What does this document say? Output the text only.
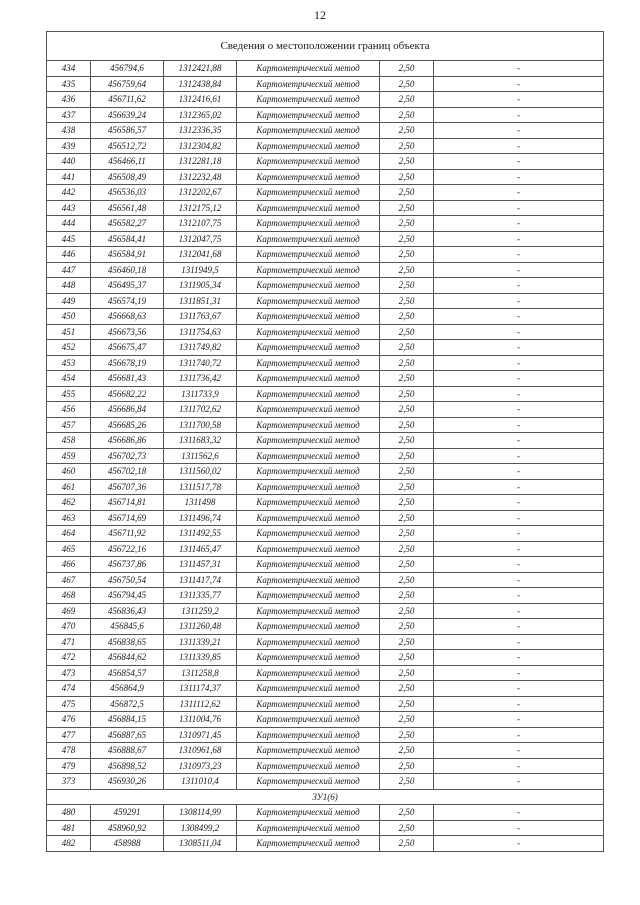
12
Сведения о местоположении границ объекта					
434	456794,6	1312421,88	Картометрический метод	2,50	-
435	456759,64	1312438,84	Картометрический метод	2,50	-
436	456711,62	1312416,61	Картометрический метод	2,50	-
437	456639,24	1312365,02	Картометрический метод	2,50	-
438	456586,57	1312336,35	Картометрический метод	2,50	-
439	456512,72	1312304,82	Картометрический метод	2,50	-
440	456466,11	1312281,18	Картометрический метод	2,50	-
441	456508,49	1312232,48	Картометрический метод	2,50	-
442	456536,03	1312202,67	Картометрический метод	2,50	-
443	456561,48	1312175,12	Картометрический метод	2,50	-
444	456582,27	1312107,75	Картометрический метод	2,50	-
445	456584,41	1312047,75	Картометрический метод	2,50	-
446	456584,91	1312041,68	Картометрический метод	2,50	-
447	456460,18	1311949,5	Картометрический метод	2,50	-
448	456495,37	1311905,34	Картометрический метод	2,50	-
449	456574,19	1311851,31	Картометрический метод	2,50	-
450	456668,63	1311763,67	Картометрический метод	2,50	-
451	456673,56	1311754,63	Картометрический метод	2,50	-
452	456675,47	1311749,82	Картометрический метод	2,50	-
453	456678,19	1311740,72	Картометрический метод	2,50	-
454	456681,43	1311736,42	Картометрический метод	2,50	-
455	456682,22	1311733,9	Картометрический метод	2,50	-
456	456686,84	1311702,62	Картометрический метод	2,50	-
457	456685,26	1311700,58	Картометрический метод	2,50	-
458	456686,86	1311683,32	Картометрический метод	2,50	-
459	456702,73	1311562,6	Картометрический метод	2,50	-
460	456702,18	1311560,02	Картометрический метод	2,50	-
461	456707,36	1311517,78	Картометрический метод	2,50	-
462	456714,81	1311498	Картометрический метод	2,50	-
463	456714,69	1311496,74	Картометрический метод	2,50	-
464	456711,92	1311492,55	Картометрический метод	2,50	-
465	456722,16	1311465,47	Картометрический метод	2,50	-
466	456737,86	1311457,31	Картометрический метод	2,50	-
467	456750,54	1311417,74	Картометрический метод	2,50	-
468	456794,45	1311335,77	Картометрический метод	2,50	-
469	456836,43	1311259,2	Картометрический метод	2,50	-
470	456845,6	1311260,48	Картометрический метод	2,50	-
471	456838,65	1311339,21	Картометрический метод	2,50	-
472	456844,62	1311339,85	Картометрический метод	2,50	-
473	456854,57	1311258,8	Картометрический метод	2,50	-
474	456864,9	1311174,37	Картометрический метод	2,50	-
475	456872,5	1311112,62	Картометрический метод	2,50	-
476	456884,15	1311004,76	Картометрический метод	2,50	-
477	456887,65	1310971,45	Картометрический метод	2,50	-
478	456888,67	1310961,68	Картометрический метод	2,50	-
479	456898,52	1310973,23	Картометрический метод	2,50	-
373	456930,26	1311010,4	Картометрический метод	2,50	-
ЗУ1(6)					
480	459291	1308114,99	Картометрический метод	2,50	-
481	458960,92	1308499,2	Картометрический метод	2,50	-
482	458988	1308511,04	Картометрический метод	2,50	-
